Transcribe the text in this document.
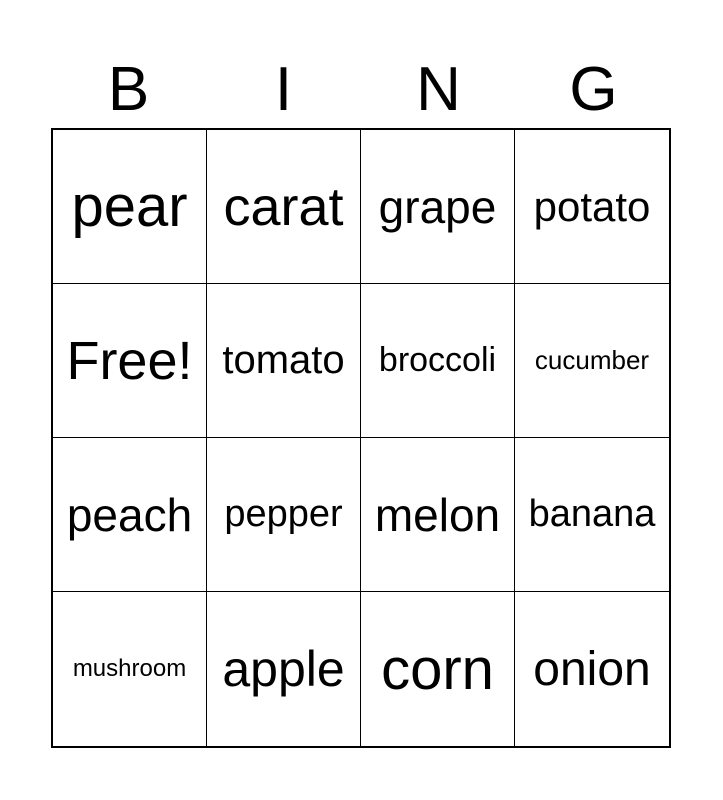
B	I	N	G
pear carat grape potato
Free! tomato	broccoli	cucumber
peach pepper melon banana
mushroom apple corn onion
